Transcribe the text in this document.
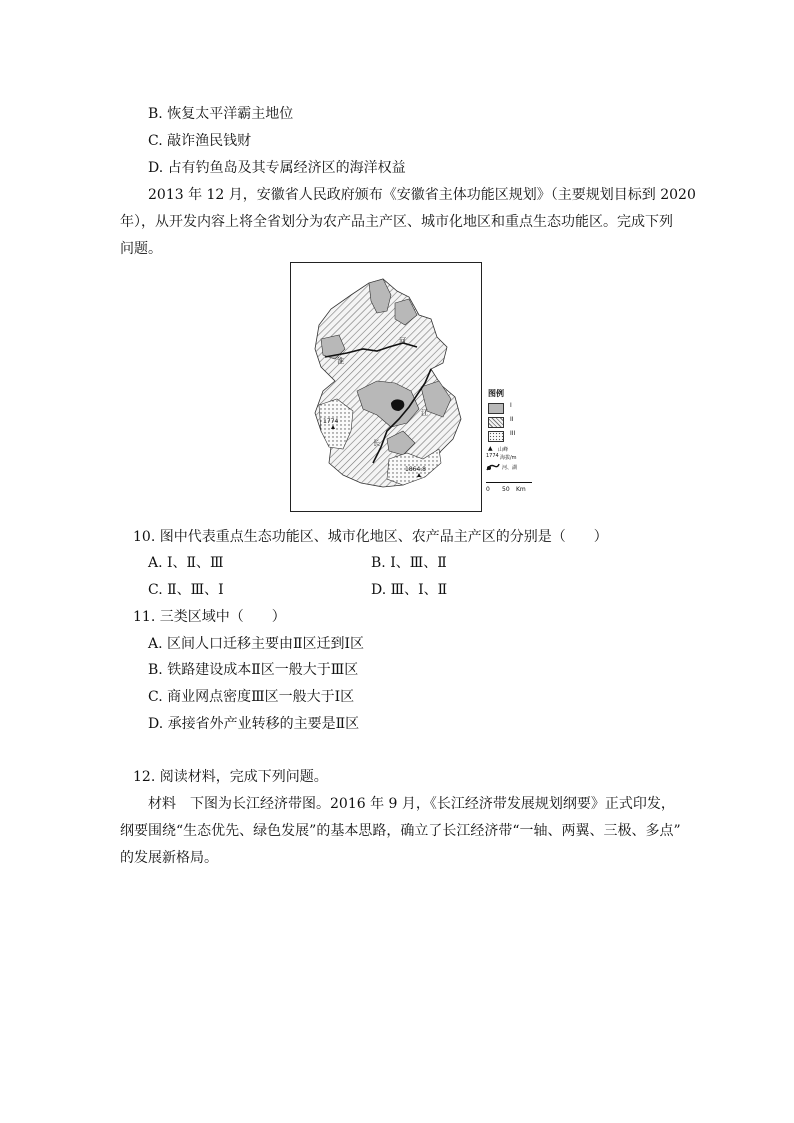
B. 恢复太平洋霸主地位
C. 敲诈渔民钱财
D. 占有钓鱼岛及其专属经济区的海洋权益
2013 年 12 月，安徽省人民政府颁布《安徽省主体功能区规划》（主要规划目标到 2020
年），从开发内容上将全省划分为农产品主产区、城市化地区和重点生态功能区。完成下列
问题。
淮
河
江
长
1774
1864.8
图例
I
II
III
▲ 山峰
1774 海拔/m
河、湖
0 50 Km
10. 图中代表重点生态功能区、城市化地区、农产品主产区的分别是（　　）
A. Ⅰ、Ⅱ、Ⅲ	B. Ⅰ、Ⅲ、Ⅱ
C. Ⅱ、Ⅲ、Ⅰ	D. Ⅲ、Ⅰ、Ⅱ
11. 三类区域中（　　）
A. 区间人口迁移主要由Ⅱ区迁到Ⅰ区
B. 铁路建设成本Ⅱ区一般大于Ⅲ区
C. 商业网点密度Ⅲ区一般大于Ⅰ区
D. 承接省外产业转移的主要是Ⅱ区
12. 阅读材料，完成下列问题。
材料　下图为长江经济带图。2016 年 9 月，《长江经济带发展规划纲要》正式印发，
纲要围绕“生态优先、绿色发展”的基本思路，确立了长江经济带“一轴、两翼、三极、多点”
的发展新格局。
